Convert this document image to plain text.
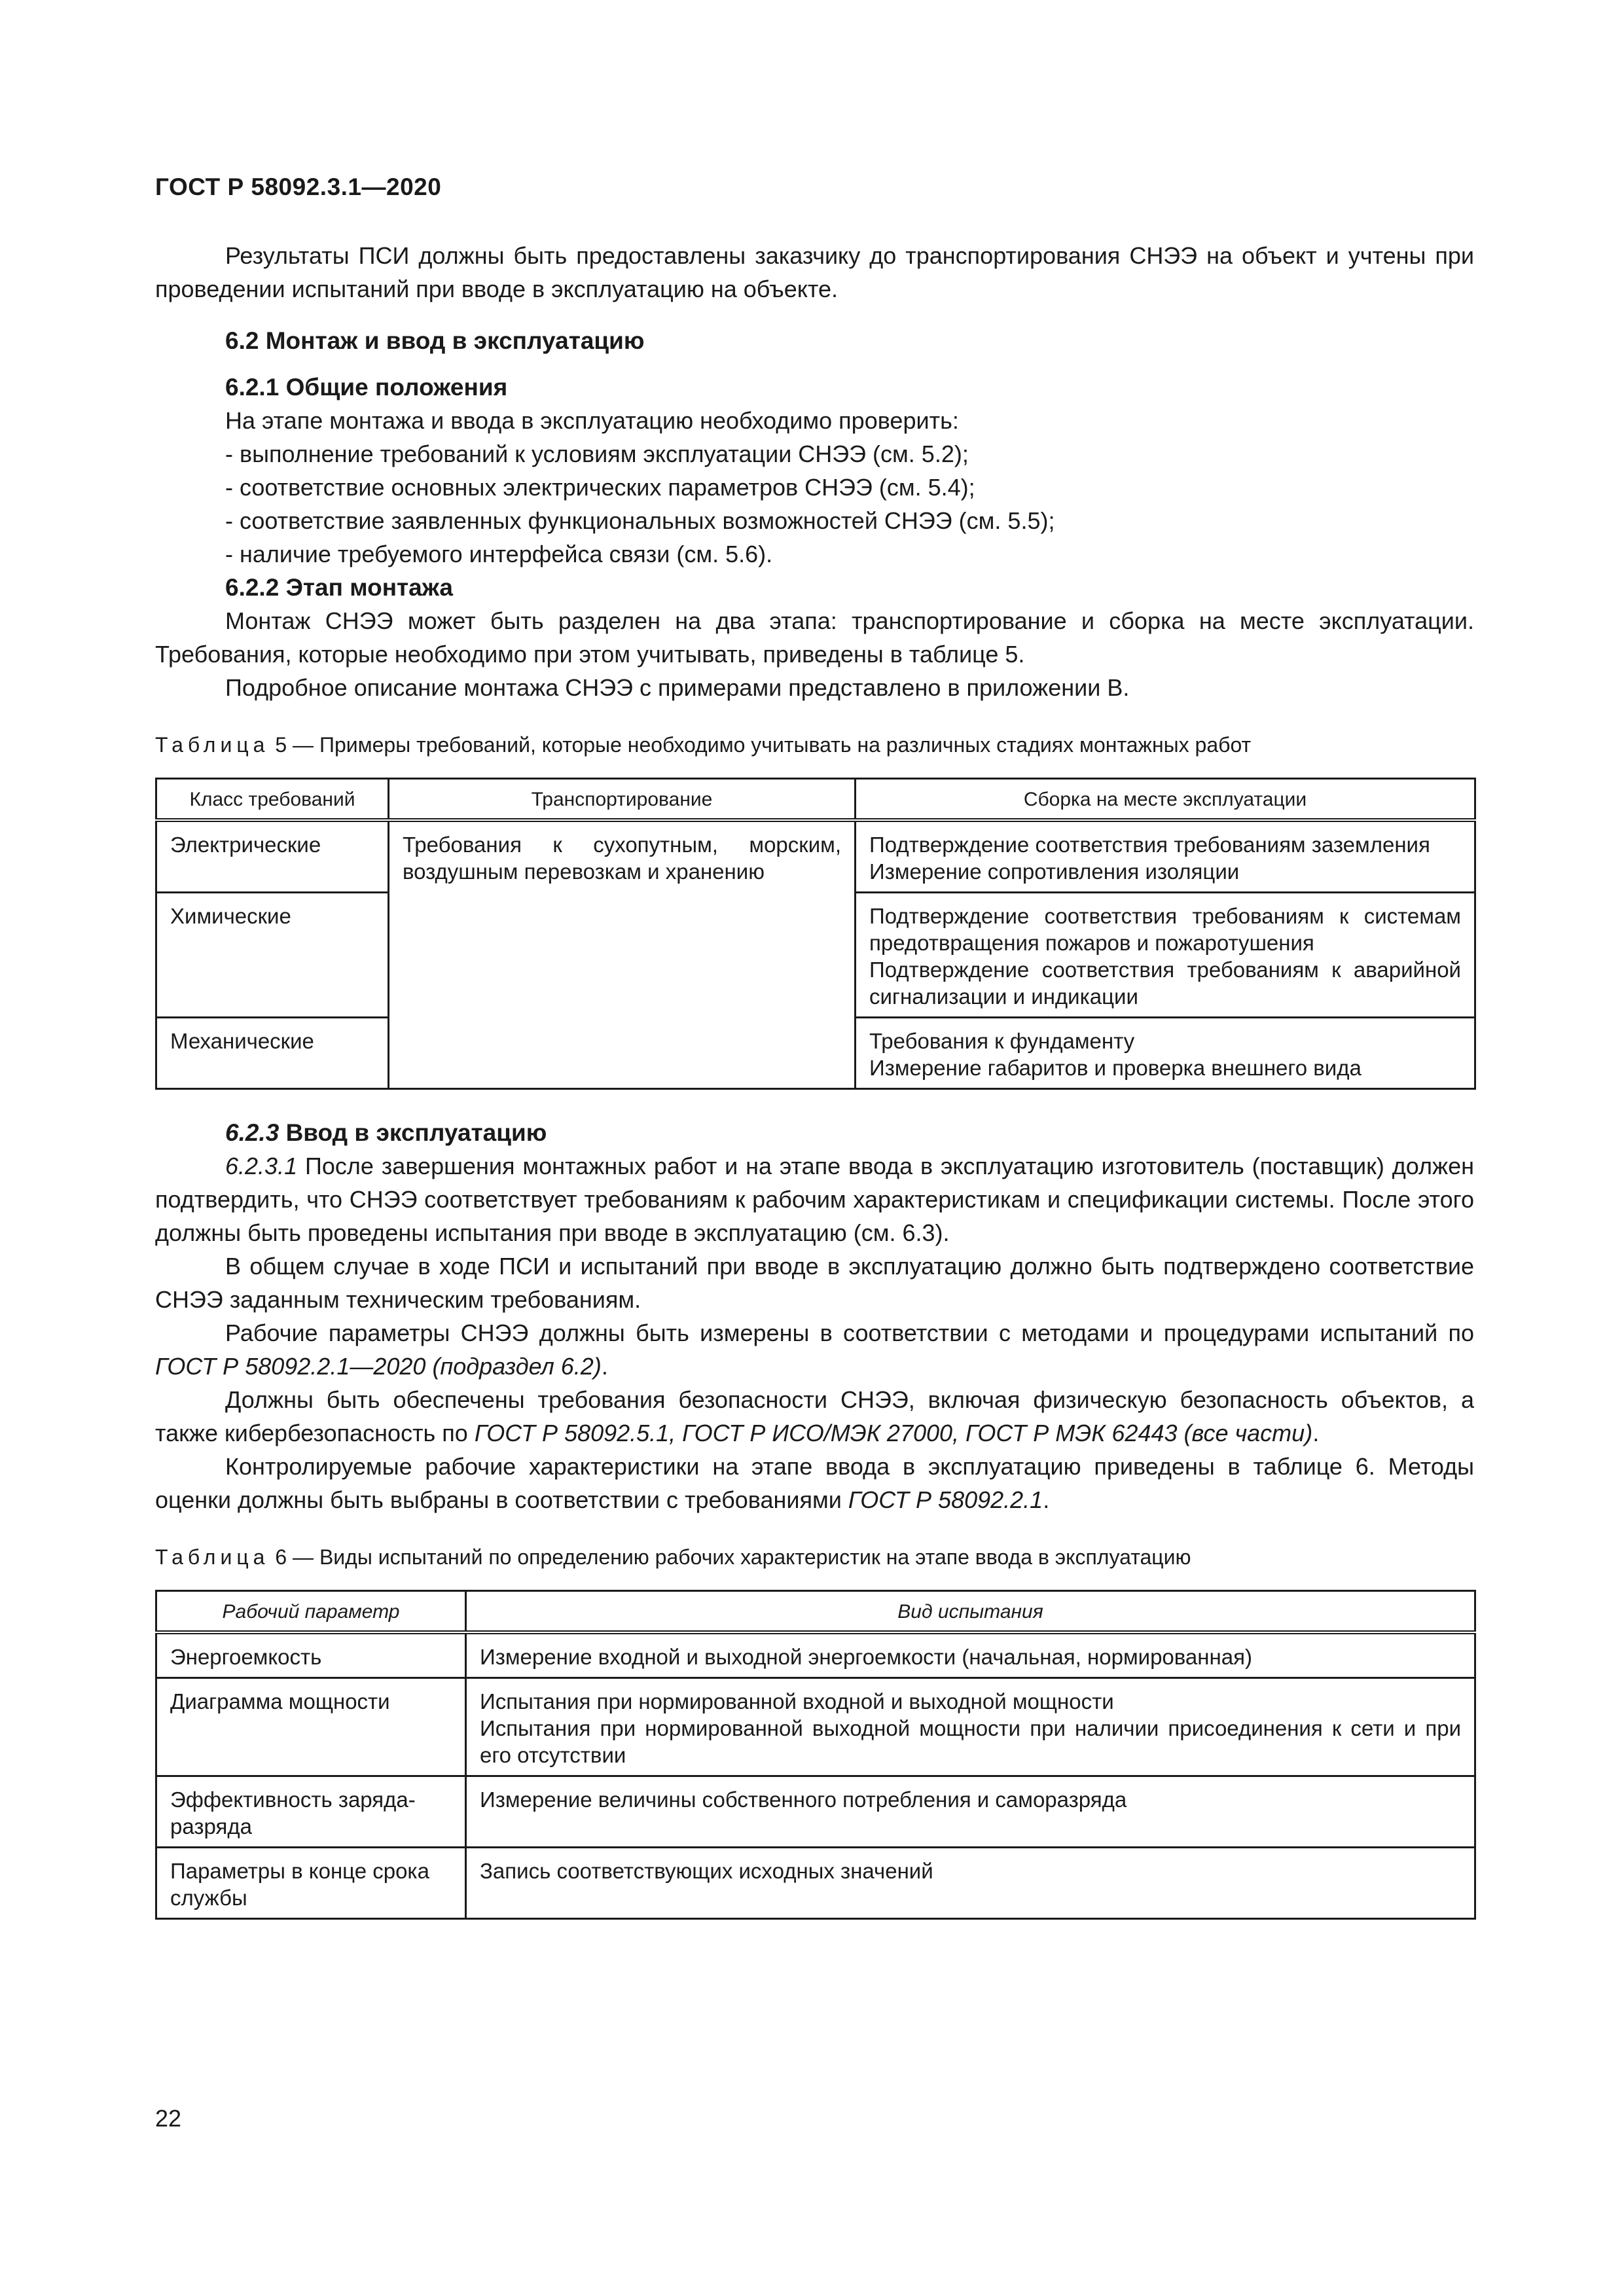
ГОСТ Р 58092.3.1—2020

Результаты ПСИ должны быть предоставлены заказчику до транспортирования СНЭЭ на объект и учтены при проведении испытаний при вводе в эксплуатацию на объекте.

6.2 Монтаж и ввод в эксплуатацию

6.2.1 Общие положения

На этапе монтажа и ввода в эксплуатацию необходимо проверить:

- выполнение требований к условиям эксплуатации СНЭЭ (см. 5.2);
- соответствие основных электрических параметров СНЭЭ (см. 5.4);
- соответствие заявленных функциональных возможностей СНЭЭ (см. 5.5);
- наличие требуемого интерфейса связи (см. 5.6).

6.2.2 Этап монтажа

Монтаж СНЭЭ может быть разделен на два этапа: транспортирование и сборка на месте эксплуатации. Требования, которые необходимо при этом учитывать, приведены в таблице 5.

Подробное описание монтажа СНЭЭ с примерами представлено в приложении В.

Таблица 5 — Примеры требований, которые необходимо учитывать на различных стадиях монтажных работ

Класс требований	Транспортирование	Сборка на месте эксплуатации
Электрические	Требования к сухопутным, морским, воздушным перевозкам и хранению	Подтверждение соответствия требованиям заземления
Измерение сопротивления изоляции

Химические		Подтверждение соответствия требованиям к системам предотвращения пожаров и пожаротушения
Подтверждение соответствия требованиям к аварийной сигнализации и индикации

Механические		Требования к фундаменту
Измерение габаритов и проверка внешнего вида

6.2.3 Ввод в эксплуатацию

6.2.3.1 После завершения монтажных работ и на этапе ввода в эксплуатацию изготовитель (поставщик) должен подтвердить, что СНЭЭ соответствует требованиям к рабочим характеристикам и спецификации системы. После этого должны быть проведены испытания при вводе в эксплуатацию (см. 6.3).

В общем случае в ходе ПСИ и испытаний при вводе в эксплуатацию должно быть подтверждено соответствие СНЭЭ заданным техническим требованиям.

Рабочие параметры СНЭЭ должны быть измерены в соответствии с методами и процедурами испытаний по ГОСТ Р 58092.2.1—2020 (подраздел 6.2).

Должны быть обеспечены требования безопасности СНЭЭ, включая физическую безопасность объектов, а также кибербезопасность по ГОСТ Р 58092.5.1, ГОСТ Р ИСО/МЭК 27000, ГОСТ Р МЭК 62443 (все части).

Контролируемые рабочие характеристики на этапе ввода в эксплуатацию приведены в таблице 6. Методы оценки должны быть выбраны в соответствии с требованиями ГОСТ Р 58092.2.1.

Таблица 6 — Виды испытаний по определению рабочих характеристик на этапе ввода в эксплуатацию

Рабочий параметр	Вид испытания
Энергоемкость	Измерение входной и выходной энергоемкости (начальная, нормированная)

Диаграмма мощности	Испытания при нормированной входной и выходной мощности
Испытания при нормированной выходной мощности при наличии присоединения к сети и при его отсутствии

Эффективность заряда-разряда	Измерение величины собственного потребления и саморазряда

Параметры в конце срока службы	Запись соответствующих исходных значений

22
